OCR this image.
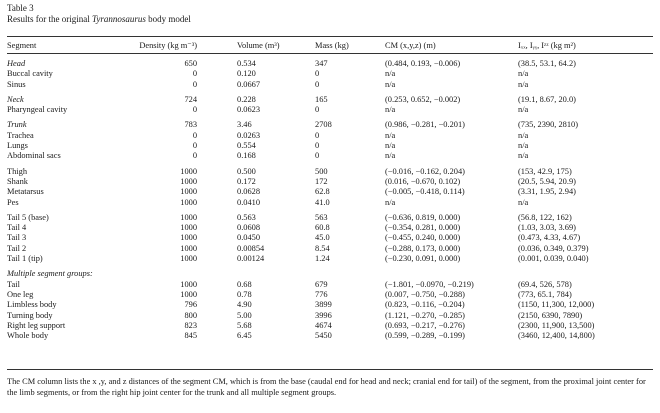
Table 3
Results for the original Tyrannosaurus body model
Segment	Density (kg m⁻³)	Volume (m³)	Mass (kg)	CM (x,y,z) (m)	Iₓₓ, Iᵧᵧ, Iᶻᶻ (kg m²)

Head	650	0.534	347	(0.484, 0.193, −0.006)	(38.5, 53.1, 64.2)
Buccal cavity	0	0.120	0	n/a	n/a
Sinus	0	0.0667	0	n/a	n/a

Neck	724	0.228	165	(0.253, 0.652, −0.002)	(19.1, 8.67, 20.0)
Pharyngeal cavity	0	0.0623	0	n/a	n/a

Trunk	783	3.46	2708	(0.986, −0.281, −0.201)	(735, 2390, 2810)
Trachea	0	0.0263	0	n/a	n/a
Lungs	0	0.554	0	n/a	n/a
Abdominal sacs	0	0.168	0	n/a	n/a

Thigh	1000	0.500	500	(−0.016, −0.162, 0.204)	(153, 42.9, 175)
Shank	1000	0.172	172	(0.016, −0.670, 0.102)	(20.5, 5.94, 20.9)
Metatarsus	1000	0.0628	62.8	(−0.005, −0.418, 0.114)	(3.31, 1.95, 2.94)
Pes	1000	0.0410	41.0	n/a	n/a

Tail 5 (base)	1000	0.563	563	(−0.636, 0.819, 0.000)	(56.8, 122, 162)
Tail 4	1000	0.0608	60.8	(−0.354, 0.281, 0.000)	(1.03, 3.03, 3.69)
Tail 3	1000	0.0450	45.0	(−0.455, 0.240, 0.000)	(0.473, 4.33, 4.67)
Tail 2	1000	0.00854	8.54	(−0.288, 0.173, 0.000)	(0.036, 0.349, 0.379)
Tail 1 (tip)	1000	0.00124	1.24	(−0.230, 0.091, 0.000)	(0.001, 0.039, 0.040)

Multiple segment groups:					
Tail	1000	0.68	679	(−1.801, −0.0970, −0.219)	(69.4, 526, 578)
One leg	1000	0.78	776	(0.007, −0.750, −0.288)	(773, 65.1, 784)
Limbless body	796	4.90	3899	(0.823, −0.116, −0.204)	(1150, 11,300, 12,000)
Turning body	800	5.00	3996	(1.121, −0.270, −0.285)	(2150, 6390, 7890)
Right leg support	823	5.68	4674	(0.693, −0.217, −0.276)	(2300, 11,900, 13,500)
Whole body	845	6.45	5450	(0.599, −0.289, −0.199)	(3460, 12,400, 14,800)
The CM column lists the x ,y, and z distances of the segment CM, which is from the base (caudal end for head and neck; cranial end for tail) of the segment, from the proximal joint center for the limb segments, or from the right hip joint center for the trunk and all multiple segment groups.
